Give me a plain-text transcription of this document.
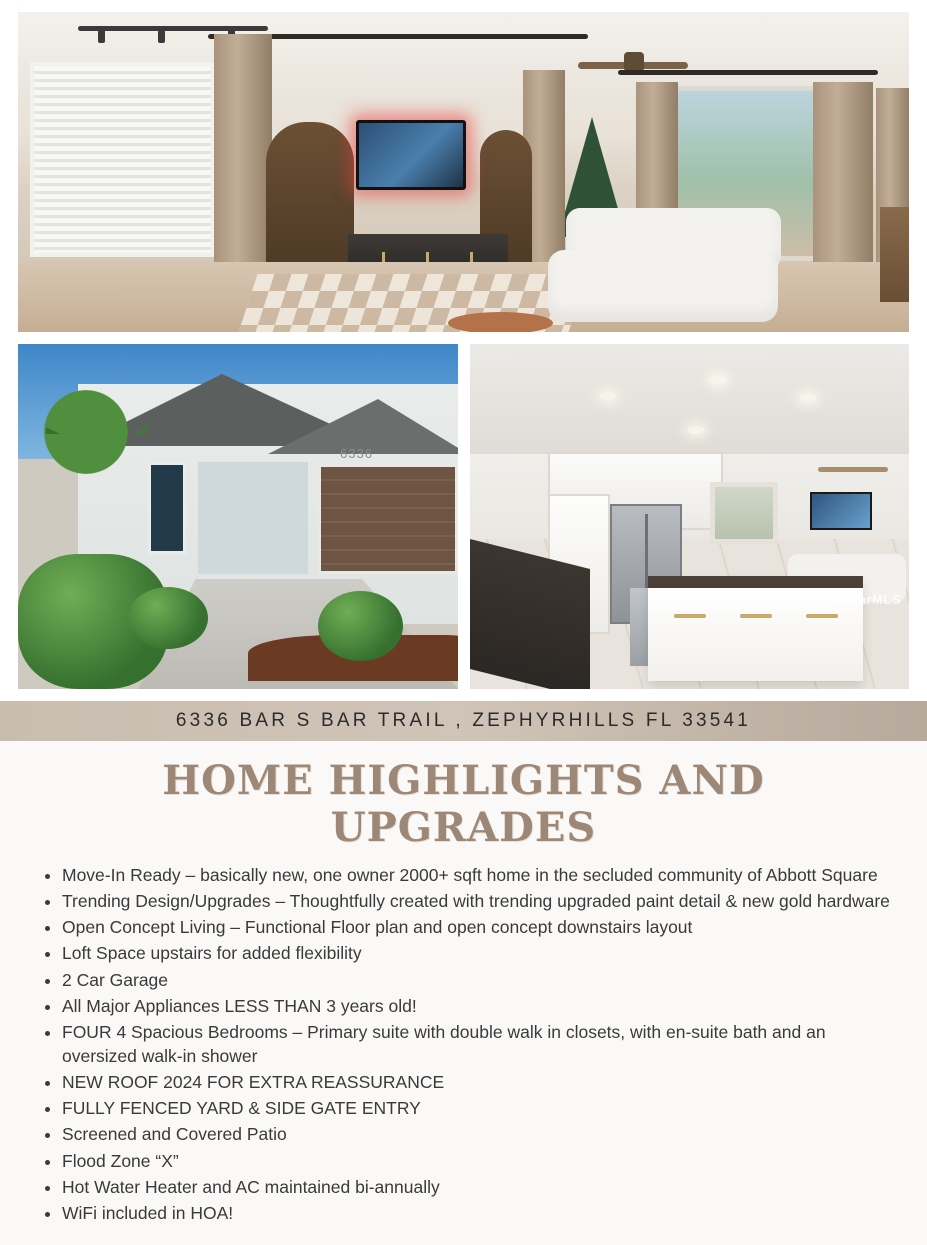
6336
StellarMLS
6336 BAR S BAR TRAIL , ZEPHYRHILLS FL 33541
HOME HIGHLIGHTS AND UPGRADES
• Move-In Ready – basically new, one owner 2000+ sqft home in the secluded community of Abbott Square
• Trending Design/Upgrades – Thoughtfully created with trending upgraded paint detail & new gold hardware
• Open Concept Living – Functional Floor plan and open concept downstairs layout
• Loft Space upstairs for added flexibility
• 2 Car Garage
• All Major Appliances LESS THAN 3 years old!
• FOUR 4 Spacious Bedrooms – Primary suite with double walk in closets, with en-suite bath and an oversized walk-in shower
• NEW ROOF 2024 FOR EXTRA REASSURANCE
• FULLY FENCED YARD & SIDE GATE ENTRY
• Screened and Covered Patio
• Flood Zone “X”
• Hot Water Heater and AC maintained bi-annually
• WiFi included in HOA!
